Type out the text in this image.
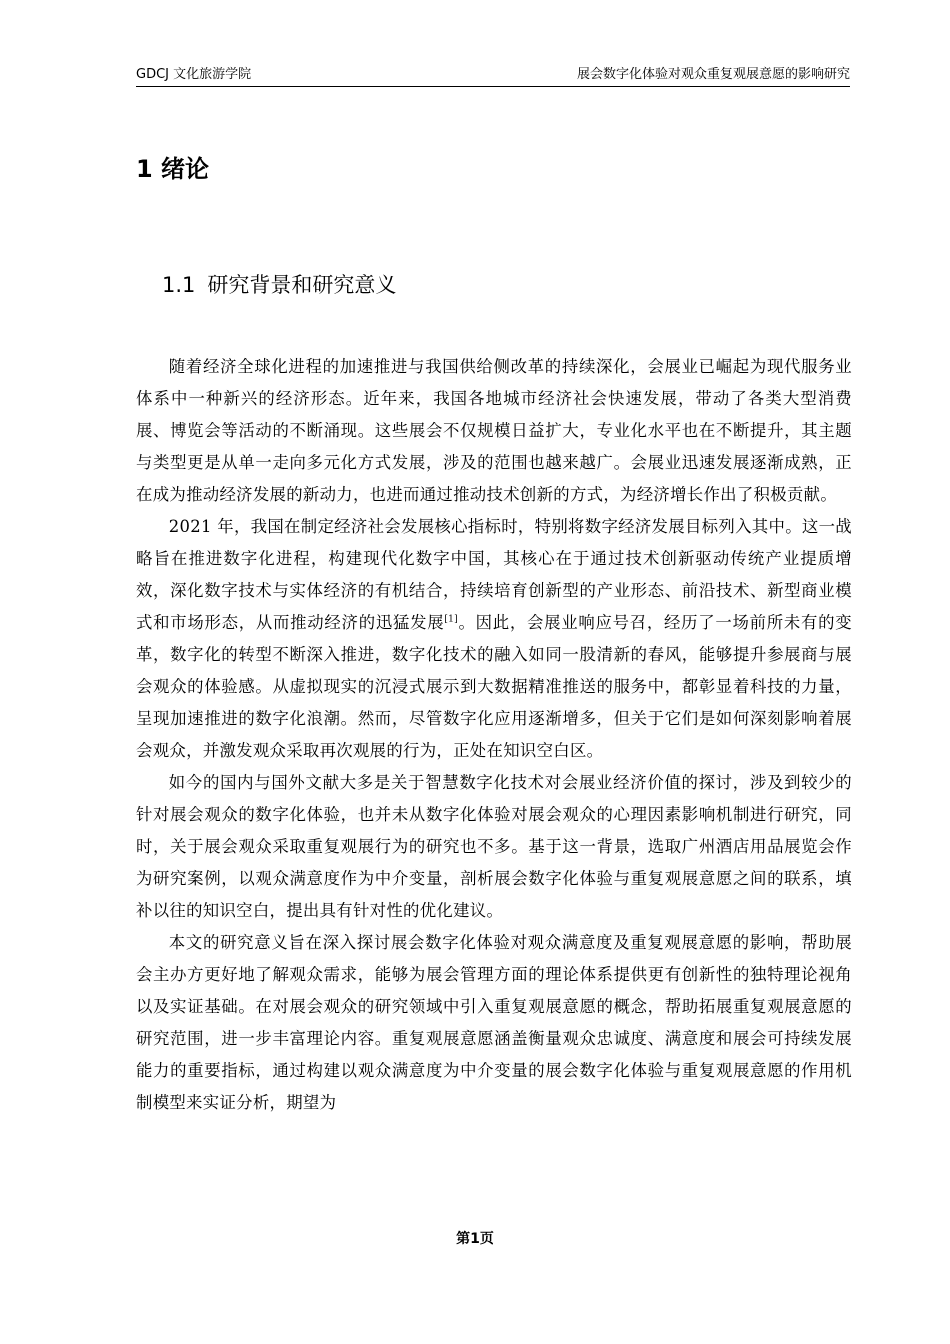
GDCJ 文化旅游学院	展会数字化体验对观众重复观展意愿的影响研究
1 绪论
1.1 研究背景和研究意义

随着经济全球化进程的加速推进与我国供给侧改革的持续深化，会展业已崛起为现代服务业体系中一种新兴的经济形态。近年来，我国各地城市经济社会快速发展，带动了各类大型消费展、博览会等活动的不断涌现。这些展会不仅规模日益扩大，专业化水平也在不断提升，其主题与类型更是从单一走向多元化方式发展，涉及的范围也越来越广。会展业迅速发展逐渐成熟，正在成为推动经济发展的新动力，也进而通过推动技术创新的方式，为经济增长作出了积极贡献。

2021 年，我国在制定经济社会发展核心指标时，特别将数字经济发展目标列入其中。这一战略旨在推进数字化进程，构建现代化数字中国，其核心在于通过技术创新驱动传统产业提质增效，深化数字技术与实体经济的有机结合，持续培育创新型的产业形态、前沿技术、新型商业模式和市场形态，从而推动经济的迅猛发展[1]。因此，会展业响应号召，经历了一场前所未有的变革，数字化的转型不断深入推进，数字化技术的融入如同一股清新的春风，能够提升参展商与展会观众的体验感。从虚拟现实的沉浸式展示到大数据精准推送的服务中，都彰显着科技的力量，呈现加速推进的数字化浪潮。然而，尽管数字化应用逐渐增多，但关于它们是如何深刻影响着展会观众，并激发观众采取再次观展的行为，正处在知识空白区。

如今的国内与国外文献大多是关于智慧数字化技术对会展业经济价值的探讨，涉及到较少的针对展会观众的数字化体验，也并未从数字化体验对展会观众的心理因素影响机制进行研究，同时，关于展会观众采取重复观展行为的研究也不多。基于这一背景，选取广州酒店用品展览会作为研究案例，以观众满意度作为中介变量，剖析展会数字化体验与重复观展意愿之间的联系，填补以往的知识空白，提出具有针对性的优化建议。

本文的研究意义旨在深入探讨展会数字化体验对观众满意度及重复观展意愿的影响，帮助展会主办方更好地了解观众需求，能够为展会管理方面的理论体系提供更有创新性的独特理论视角以及实证基础。在对展会观众的研究领域中引入重复观展意愿的概念，帮助拓展重复观展意愿的研究范围，进一步丰富理论内容。重复观展意愿涵盖衡量观众忠诚度、满意度和展会可持续发展能力的重要指标，通过构建以观众满意度为中介变量的展会数字化体验与重复观展意愿的作用机制模型来实证分析，期望为

第1页
